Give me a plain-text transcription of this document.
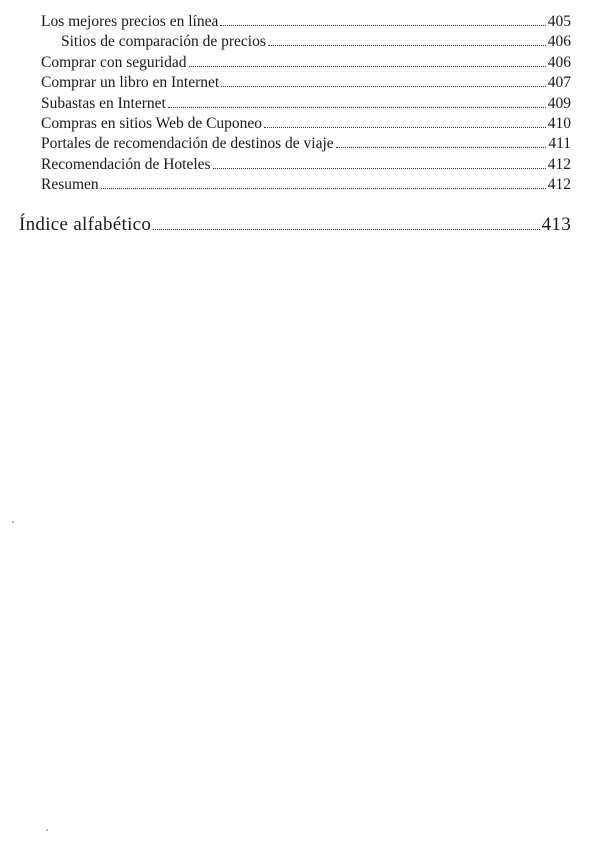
Los mejores precios en línea	405
Sitios de comparación de precios	406
Comprar con seguridad	406
Comprar un libro en Internet	407
Subastas en Internet	409
Compras en sitios Web de Cuponeo	410
Portales de recomendación de destinos de viaje	411
Recomendación de Hoteles	412
Resumen	412
Índice alfabético	413
